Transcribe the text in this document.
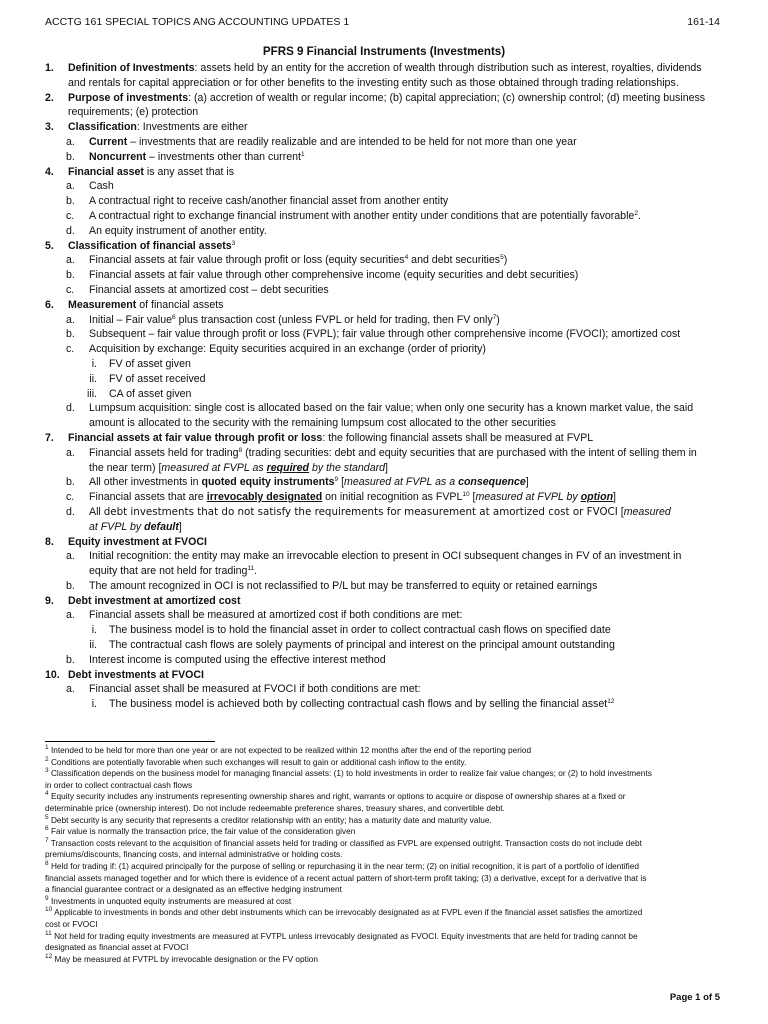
ACCTG 161 SPECIAL TOPICS ANG ACCOUNTING UPDATES 1	161-14
PFRS 9 Financial Instruments (Investments)
1.	Definition of Investments: assets held by an entity for the accretion of wealth through distribution such as interest, royalties, dividends
and rentals for capital appreciation or for other benefits to the investing entity such as those obtained through trading relationships.
2.	Purpose of investments: (a) accretion of wealth or regular income; (b) capital appreciation; (c) ownership control; (d) meeting business
requirements; (e) protection
3.	Classification: Investments are either
a.	Current – investments that are readily realizable and are intended to be held for not more than one year
b.	Noncurrent – investments other than current$^1$
4.	Financial asset is any asset that is
a.	Cash
b.	A contractual right to receive cash/another financial asset from another entity
c.	A contractual right to exchange financial instrument with another entity under conditions that are potentially favorable$^2$.
d.	An equity instrument of another entity.
5.	Classification of financial assets$^3$
a.	Financial assets at fair value through profit or loss (equity securities$^4$ and debt securities$^5$)
b.	Financial assets at fair value through other comprehensive income (equity securities and debt securities)
c.	Financial assets at amortized cost – debt securities
6.	Measurement of financial assets
a.	Initial – Fair value$^6$ plus transaction cost (unless FVPL or held for trading, then FV only$^7$)
b.	Subsequent – fair value through profit or loss (FVPL); fair value through other comprehensive income (FVOCI); amortized cost
c.	Acquisition by exchange: Equity securities acquired in an exchange (order of priority)
i.	FV of asset given
ii.	FV of asset received
iii.	CA of asset given
d.	Lumpsum acquisition: single cost is allocated based on the fair value; when only one security has a known market value, the said
amount is allocated to the security with the remaining lumpsum cost allocated to the other securities
7.	Financial assets at fair value through profit or loss: the following financial assets shall be measured at FVPL
a.	Financial assets held for trading$^8$ (trading securities: debt and equity securities that are purchased with the intent of selling them in
the near term) [measured at FVPL as required by the standard]
b.	All other investments in quoted equity instruments$^9$ [measured at FVPL as a consequence]
c.	Financial assets that are irrevocably designated on initial recognition as FVPL$^{10}$ [measured at FVPL by option]
d.	All debt investments that do not satisfy the requirements for measurement at amortized cost or FVOCI [measured
at FVPL by default]
8.	Equity investment at FVOCI
a.	Initial recognition: the entity may make an irrevocable election to present in OCI subsequent changes in FV of an investment in
equity that are not held for trading$^{11}$.
b.	The amount recognized in OCI is not reclassified to P/L but may be transferred to equity or retained earnings
9.	Debt investment at amortized cost
a.	Financial assets shall be measured at amortized cost if both conditions are met:
i.	The business model is to hold the financial asset in order to collect contractual cash flows on specified date
ii.	The contractual cash flows are solely payments of principal and interest on the principal amount outstanding
b.	Interest income is computed using the effective interest method
10. Debt investments at FVOCI
a.	Financial asset shall be measured at FVOCI if both conditions are met:
i.	The business model is achieved both by collecting contractual cash flows and by selling the financial asset$^{12}$
$^1$ Intended to be held for more than one year or are not expected to be realized within 12 months after the end of the reporting period
$^2$ Conditions are potentially favorable when such exchanges will result to gain or additional cash inflow to the entity.
$^3$ Classification depends on the business model for managing financial assets: (1) to hold investments in order to realize fair value changes; or (2) to hold investments
in order to collect contractual cash flows
$^4$ Equity security includes any instruments representing ownership shares and right, warrants or options to acquire or dispose of ownership shares at a fixed or
determinable price (ownership interest). Do not include redeemable preference shares, treasury shares, and convertible debt.
$^5$ Debt security is any security that represents a creditor relationship with an entity; has a maturity date and maturity value.
$^6$ Fair value is normally the transaction price, the fair value of the consideration given
$^7$ Transaction costs relevant to the acquisition of financial assets held for trading or classified as FVPL are expensed outright. Transaction costs do not include debt
premiums/discounts, financing costs, and internal administrative or holding costs.
$^8$ Held for trading if: (1) acquired principally for the purpose of selling or repurchasing it in the near term; (2) on initial recognition, it is part of a portfolio of identified
financial assets managed together and for which there is evidence of a recent actual pattern of short-term profit taking; (3) a derivative, except for a derivative that is
a financial guarantee contract or a designated as an effective hedging instrument
$^9$ Investments in unquoted equity instruments are measured at cost
$^{10}$ Applicable to investments in bonds and other debt instruments which can be irrevocably designated as at FVPL even if the financial asset satisfies the amortized
cost or FVOCI
$^{11}$ Not held for trading equity investments are measured at FVTPL unless irrevocably designated as FVOCI. Equity investments that are held for trading cannot be
designated as financial asset at FVOCI
$^{12}$ May be measured at FVTPL by irrevocable designation or the FV option
Page 1 of 5
